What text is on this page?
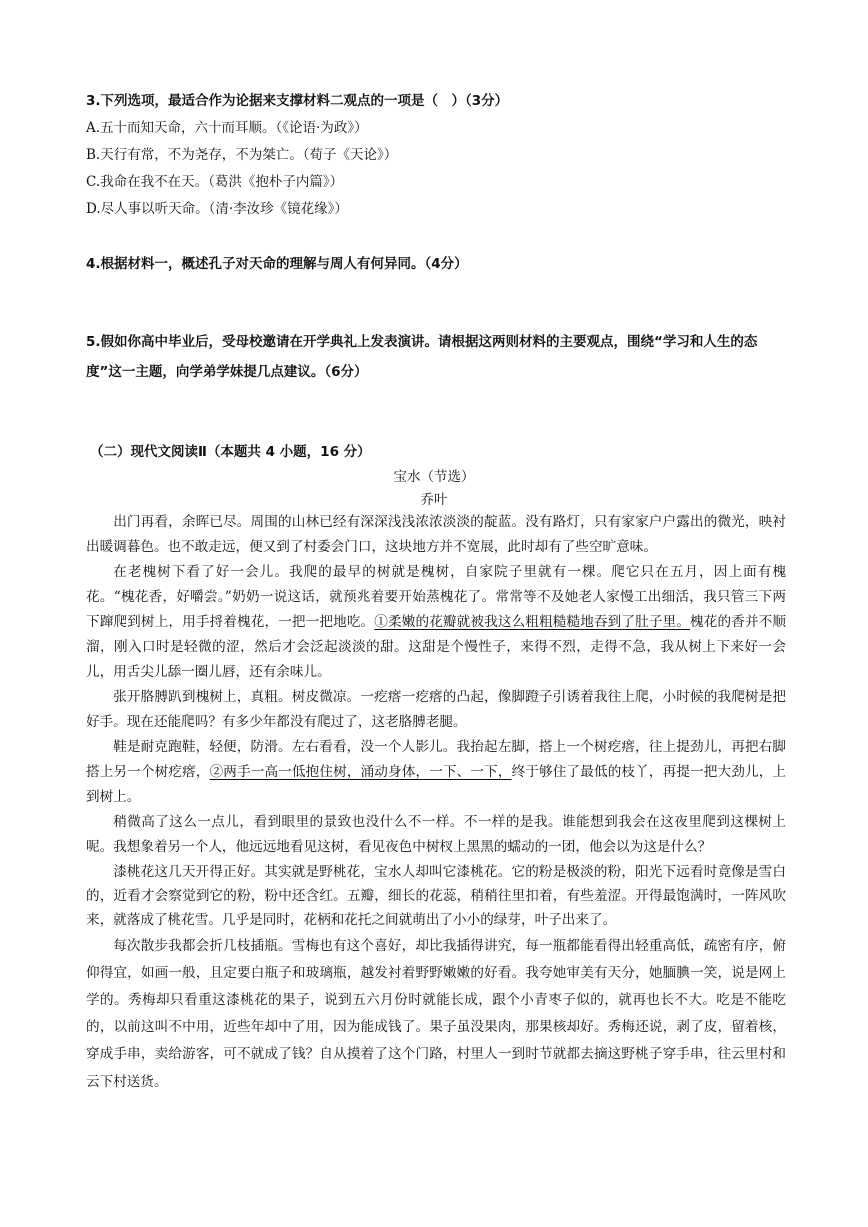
3.下列选项，最适合作为论据来支撑材料二观点的一项是（　）（3分）
A.五十而知天命，六十而耳顺。（《论语·为政》）
B.天行有常，不为尧存，不为桀亡。（荀子《天论》）
C.我命在我不在天。（葛洪《抱朴子内篇》）
D.尽人事以听天命。（清·李汝珍《镜花缘》）
4.根据材料一，概述孔子对天命的理解与周人有何异同。（4分）
5.假如你高中毕业后，受母校邀请在开学典礼上发表演讲。请根据这两则材料的主要观点，围绕“学习和人生的态度”这一主题，向学弟学妹提几点建议。（6分）
（二）现代文阅读Ⅱ（本题共 4 小题，16 分）
宝水（节选）
乔叶

出门再看，余晖已尽。周围的山林已经有深深浅浅浓浓淡淡的靛蓝。没有路灯，只有家家户户露出的微光，映衬出暖调暮色。也不敢走远，便又到了村委会门口，这块地方并不宽展，此时却有了些空旷意味。

在老槐树下看了好一会儿。我爬的最早的树就是槐树，自家院子里就有一棵。爬它只在五月，因上面有槐花。“槐花香，好嚼尝。”奶奶一说这话，就预兆着要开始蒸槐花了。常常等不及她老人家慢工出细活，我只管三下两下蹿爬到树上，用手捋着槐花，一把一把地吃。①柔嫩的花瓣就被我这么粗粗糙糙地吞到了肚子里。槐花的香并不顺溜，刚入口时是轻微的涩，然后才会泛起淡淡的甜。这甜是个慢性子，来得不烈，走得不急，我从树上下来好一会儿，用舌尖儿舔一圈儿唇，还有余味儿。

张开胳膊趴到槐树上，真粗。树皮微凉。一疙瘩一疙瘩的凸起，像脚蹬子引诱着我往上爬，小时候的我爬树是把好手。现在还能爬吗？有多少年都没有爬过了，这老胳膊老腿。

鞋是耐克跑鞋，轻便，防滑。左右看看，没一个人影儿。我抬起左脚，搭上一个树疙瘩，往上提劲儿，再把右脚搭上另一个树疙瘩，②两手一高一低抱住树，涌动身体，一下、一下，终于够住了最低的枝丫，再提一把大劲儿，上到树上。

稍微高了这么一点儿，看到眼里的景致也没什么不一样。不一样的是我。谁能想到我会在这夜里爬到这棵树上呢。我想象着另一个人，他远远地看见这树，看见夜色中树杈上黑黑的蠕动的一团，他会以为这是什么？

漆桃花这几天开得正好。其实就是野桃花，宝水人却叫它漆桃花。它的粉是极淡的粉，阳光下远看时竟像是雪白的，近看才会察觉到它的粉，粉中还含红。五瓣，细长的花蕊，稍稍往里扣着，有些羞涩。开得最饱满时，一阵风吹来，就落成了桃花雪。几乎是同时，花柄和花托之间就萌出了小小的绿芽，叶子出来了。

每次散步我都会折几枝插瓶。雪梅也有这个喜好，却比我插得讲究，每一瓶都能看得出轻重高低，疏密有序，俯仰得宜，如画一般，且定要白瓶子和玻璃瓶，越发衬着野野嫩嫩的好看。我夸她审美有天分，她腼腆一笑，说是网上学的。秀梅却只看重这漆桃花的果子，说到五六月份时就能长成，跟个小青枣子似的，就再也长不大。吃是不能吃的，以前这叫不中用，近些年却中了用，因为能成钱了。果子虽没果肉，那果核却好。秀梅还说，剥了皮，留着核，穿成手串，卖给游客，可不就成了钱？自从摸着了这个门路，村里人一到时节就都去摘这野桃子穿手串，往云里村和云下村送货。
